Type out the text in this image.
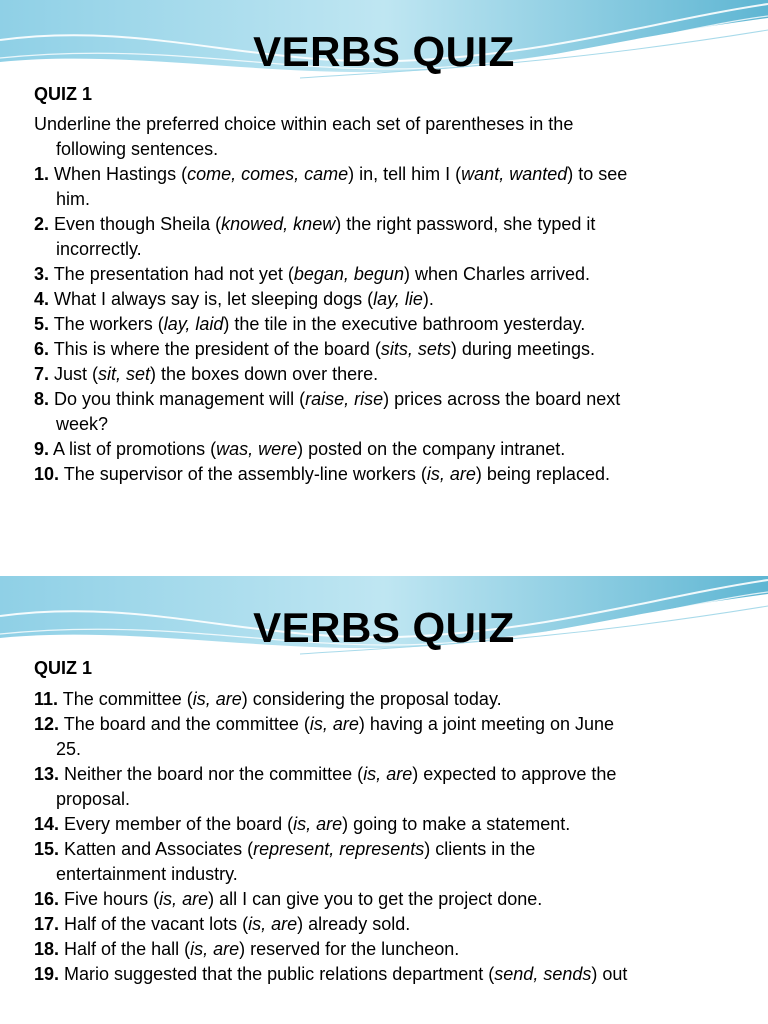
VERBS QUIZ
QUIZ 1
Underline the preferred choice within each set of parentheses in the
following sentences.
1. When Hastings (come, comes, came) in, tell him I (want, wanted) to see
him.
2. Even though Sheila (knowed, knew) the right password, she typed it
incorrectly.
3. The presentation had not yet (began, begun) when Charles arrived.
4. What I always say is, let sleeping dogs (lay, lie).
5. The workers (lay, laid) the tile in the executive bathroom yesterday.
6. This is where the president of the board (sits, sets) during meetings.
7. Just (sit, set) the boxes down over there.
8. Do you think management will (raise, rise) prices across the board next
week?
9. A list of promotions (was, were) posted on the company intranet.
10. The supervisor of the assembly-line workers (is, are) being replaced.
VERBS QUIZ
QUIZ 1
11. The committee (is, are) considering the proposal today.
12. The board and the committee (is, are) having a joint meeting on June
25.
13. Neither the board nor the committee (is, are) expected to approve the
proposal.
14. Every member of the board (is, are) going to make a statement.
15. Katten and Associates (represent, represents) clients in the
entertainment industry.
16. Five hours (is, are) all I can give you to get the project done.
17. Half of the vacant lots (is, are) already sold.
18. Half of the hall (is, are) reserved for the luncheon.
19. Mario suggested that the public relations department (send, sends) out
